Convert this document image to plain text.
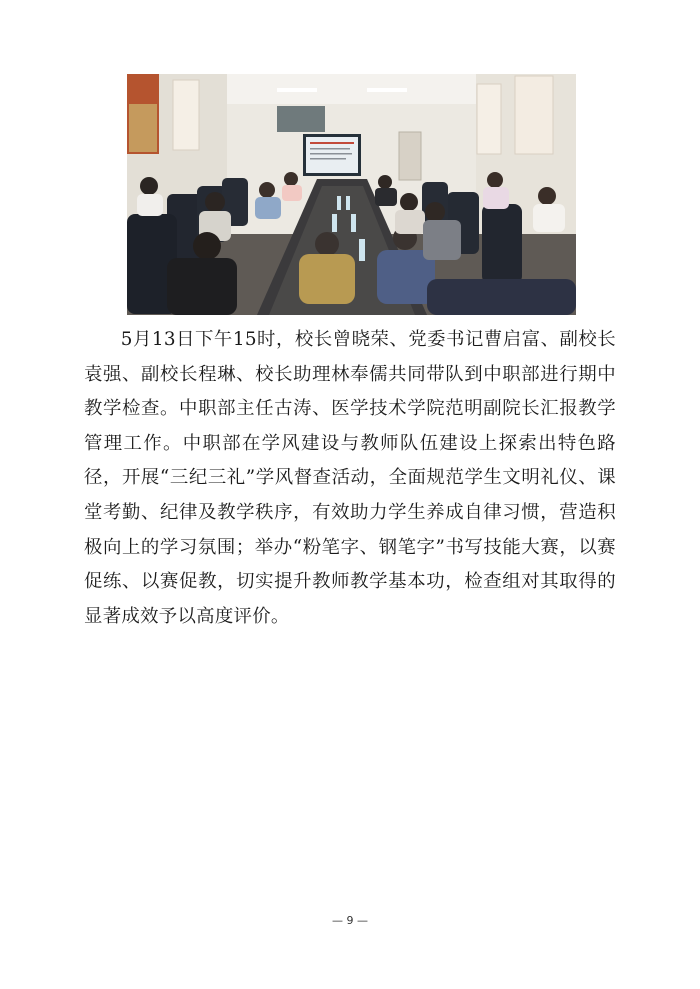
5月13日下午15时，校长曾晓荣、党委书记曹启富、副校长袁强、副校长程琳、校长助理林奉儒共同带队到中职部进行期中教学检查。中职部主任古涛、医学技术学院范明副院长汇报教学管理工作。中职部在学风建设与教师队伍建设上探索出特色路径，开展“三纪三礼”学风督查活动，全面规范学生文明礼仪、课堂考勤、纪律及教学秩序，有效助力学生养成自律习惯，营造积极向上的学习氛围；举办“粉笔字、钢笔字”书写技能大赛，以赛促练、以赛促教，切实提升教师教学基本功，检查组对其取得的显著成效予以高度评价。

— 9 —
